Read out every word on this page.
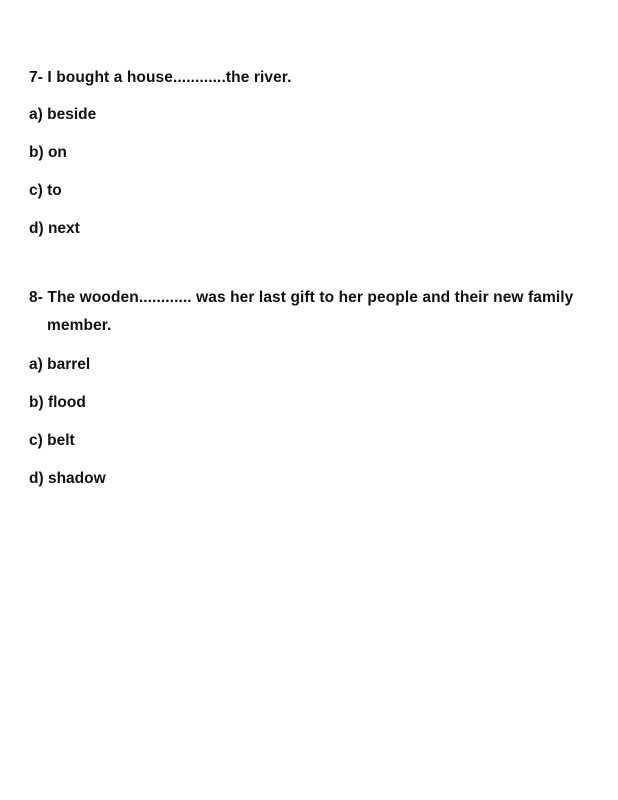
7- I bought a house............the river.

a) beside

b) on

c) to

d) next

8- The wooden............ was her last gift to her people and their new family

member.

a) barrel

b) flood

c) belt

d) shadow
